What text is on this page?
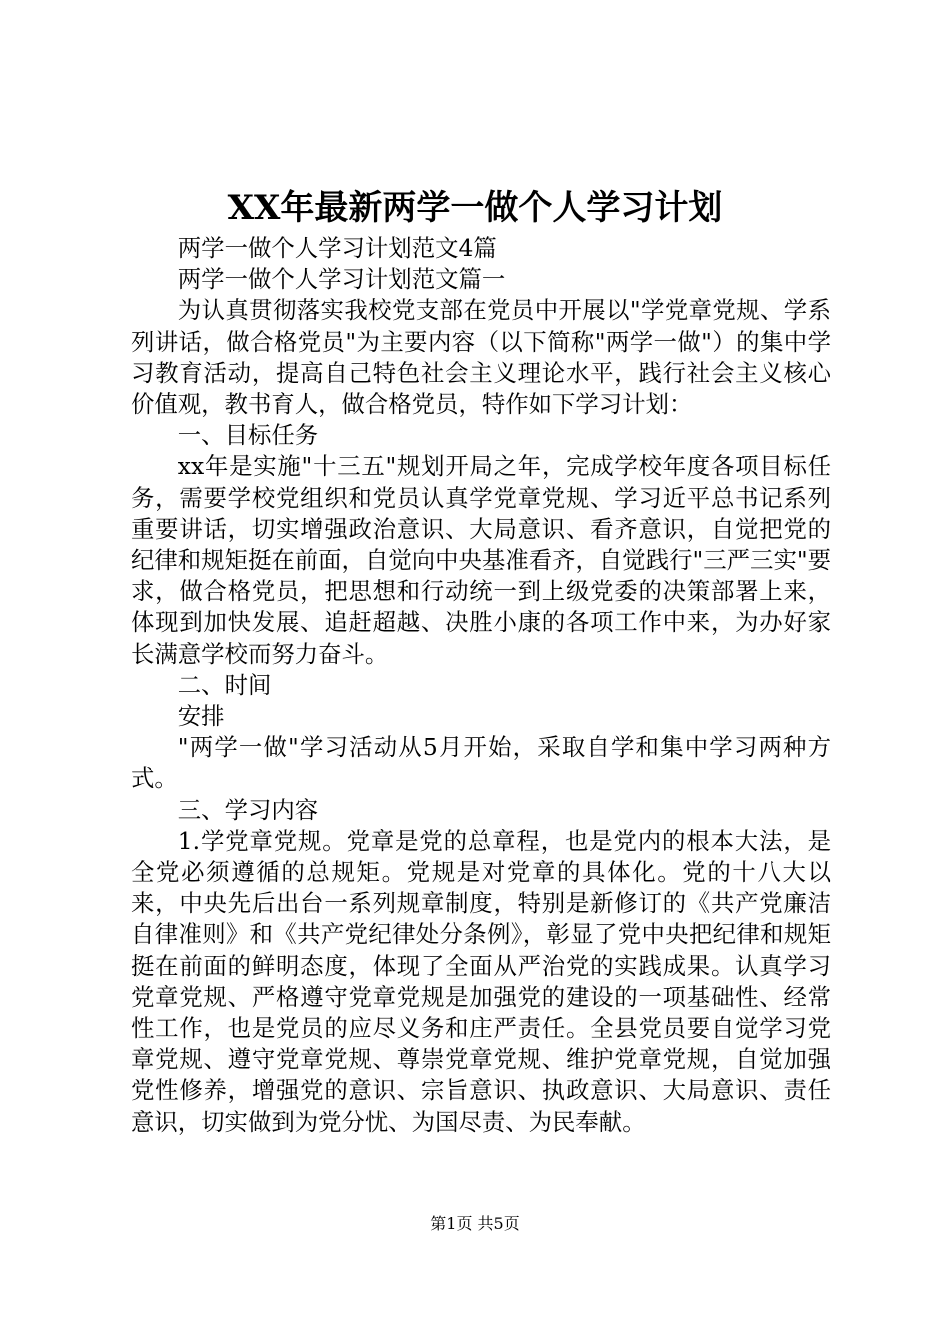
XX年最新两学一做个人学习计划

两学一做个人学习计划范文4篇

两学一做个人学习计划范文篇一

为认真贯彻落实我校党支部在党员中开展以"学党章党规、学系列讲话，做合格党员"为主要内容（以下简称"两学一做"）的集中学习教育活动，提高自己特色社会主义理论水平，践行社会主义核心价值观，教书育人，做合格党员，特作如下学习计划：

一、目标任务

xx年是实施"十三五"规划开局之年，完成学校年度各项目标任务，需要学校党组织和党员认真学党章党规、学习近平总书记系列重要讲话，切实增强政治意识、大局意识、看齐意识，自觉把党的纪律和规矩挺在前面，自觉向中央基准看齐，自觉践行"三严三实"要求，做合格党员，把思想和行动统一到上级党委的决策部署上来，体现到加快发展、追赶超越、决胜小康的各项工作中来，为办好家长满意学校而努力奋斗。

二、时间

安排

"两学一做"学习活动从5月开始，采取自学和集中学习两种方式。

三、学习内容

1.学党章党规。党章是党的总章程，也是党内的根本大法，是全党必须遵循的总规矩。党规是对党章的具体化。党的十八大以来，中央先后出台一系列规章制度，特别是新修订的《共产党廉洁自律准则》和《共产党纪律处分条例》，彰显了党中央把纪律和规矩挺在前面的鲜明态度，体现了全面从严治党的实践成果。认真学习党章党规、严格遵守党章党规是加强党的建设的一项基础性、经常性工作，也是党员的应尽义务和庄严责任。全县党员要自觉学习党章党规、遵守党章党规、尊崇党章党规、维护党章党规，自觉加强党性修养，增强党的意识、宗旨意识、执政意识、大局意识、责任意识，切实做到为党分忧、为国尽责、为民奉献。

第1页 共5页
